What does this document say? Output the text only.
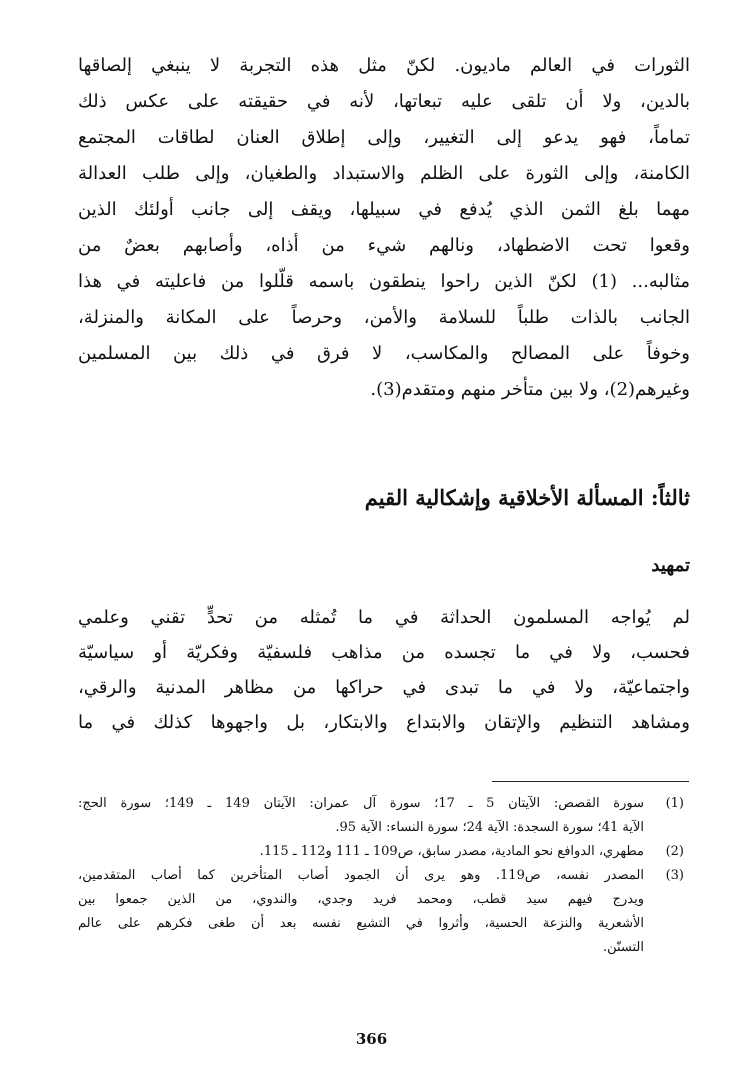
الثورات في العالم ماديون. لكنّ مثل هذه التجربة لا ينبغي إلصاقها
بالدين، ولا أن تلقى عليه تبعاتها، لأنه في حقيقته على عكس ذلك
تماماً، فهو يدعو إلى التغيير، وإلى إطلاق العنان لطاقات المجتمع
الكامنة، وإلى الثورة على الظلم والاستبداد والطغيان، وإلى طلب العدالة
مهما بلغ الثمن الذي يُدفع في سبيلها، ويقف إلى جانب أولئك الذين
وقعوا تحت الاضطهاد، ونالهم شيء من أذاه، وأصابهم بعضٌ من
مثالبه... (1) لكنّ الذين راحوا ينطقون باسمه قلّلوا من فاعليته في هذا
الجانب بالذات طلباً للسلامة والأمن، وحرصاً على المكانة والمنزلة،
وخوفاً على المصالح والمكاسب، لا فرق في ذلك بين المسلمين
وغيرهم(2)، ولا بين متأخر منهم ومتقدم(3).
ثالثاً: المسألة الأخلاقية وإشكالية القيم
تمهيد
لم يُواجه المسلمون الحداثة في ما تُمثله من تحدٍّ تقني وعلمي
فحسب، ولا في ما تجسده من مذاهب فلسفيّة وفكريّة أو سياسيّة
واجتماعيّة، ولا في ما تبدى في حراكها من مظاهر المدنية والرقي،
ومشاهد التنظيم والإتقان والابتداع والابتكار، بل واجهوها كذلك في ما
(1)
سورة القصص: الآيتان 5 ـ 17؛ سورة آل عمران: الآيتان 149 ـ 149؛ سورة الحج:
الآية 41؛ سورة السجدة: الآية 24؛ سورة النساء: الآية 95.
(2)
مطهري، الدوافع نحو المادية، مصدر سابق، ص109 ـ 111 و112 ـ 115.
(3)
المصدر نفسه، ص119. وهو يرى أن الجمود أصاب المتأخرين كما أصاب المتقدمين،
ويدرج فيهم سيد قطب، ومحمد فريد وجدي، والندوي، من الذين جمعوا بين
الأشعرية والنزعة الحسية، وأثروا في التشيع نفسه بعد أن طغى فكرهم على عالم
التسنّن.
366
